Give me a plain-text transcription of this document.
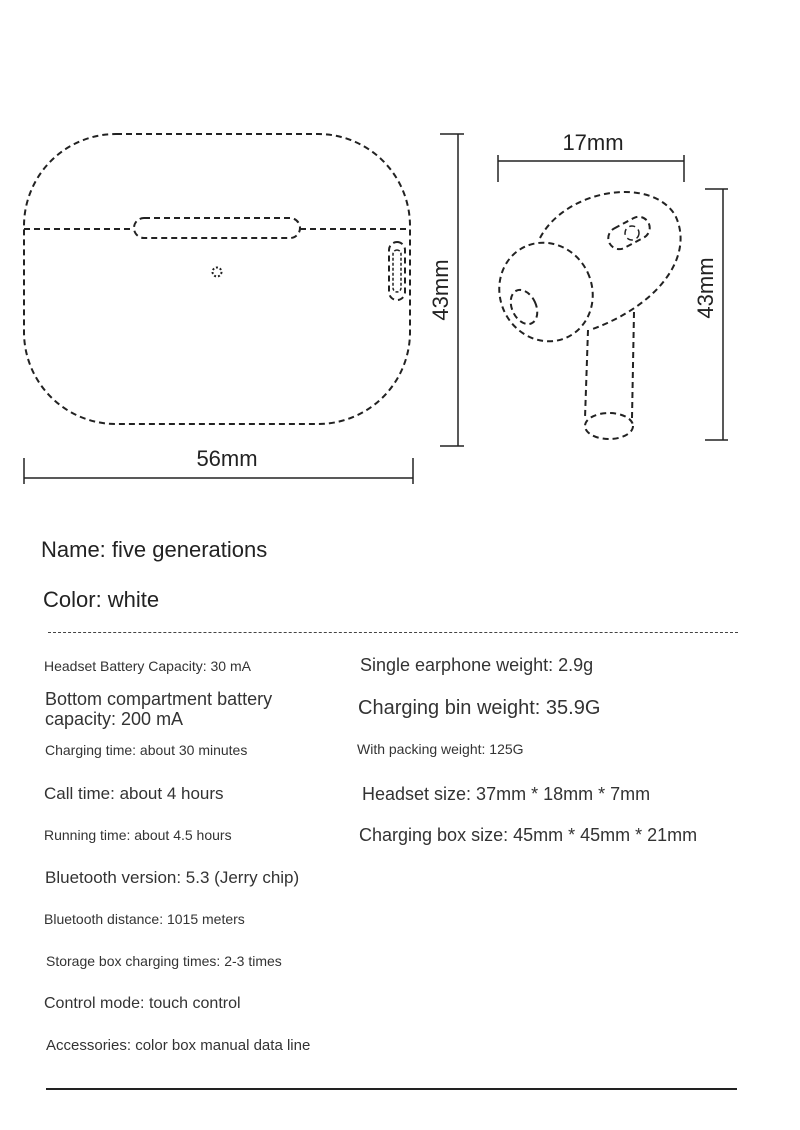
43mm
56mm
17mm
43mm
Name: five generations
Color: white
Headset Battery Capacity: 30 mA
Bottom compartment battery capacity: 200 mA
Charging time: about 30 minutes
Call time: about 4 hours
Running time: about 4.5 hours
Bluetooth version: 5.3 (Jerry chip)
Bluetooth distance: 1015 meters
Storage box charging times: 2-3 times
Control mode: touch control
Accessories: color box manual data line
Single earphone weight: 2.9g
Charging bin weight: 35.9G
With packing weight: 125G
Headset size: 37mm * 18mm * 7mm
Charging box size: 45mm * 45mm * 21mm
